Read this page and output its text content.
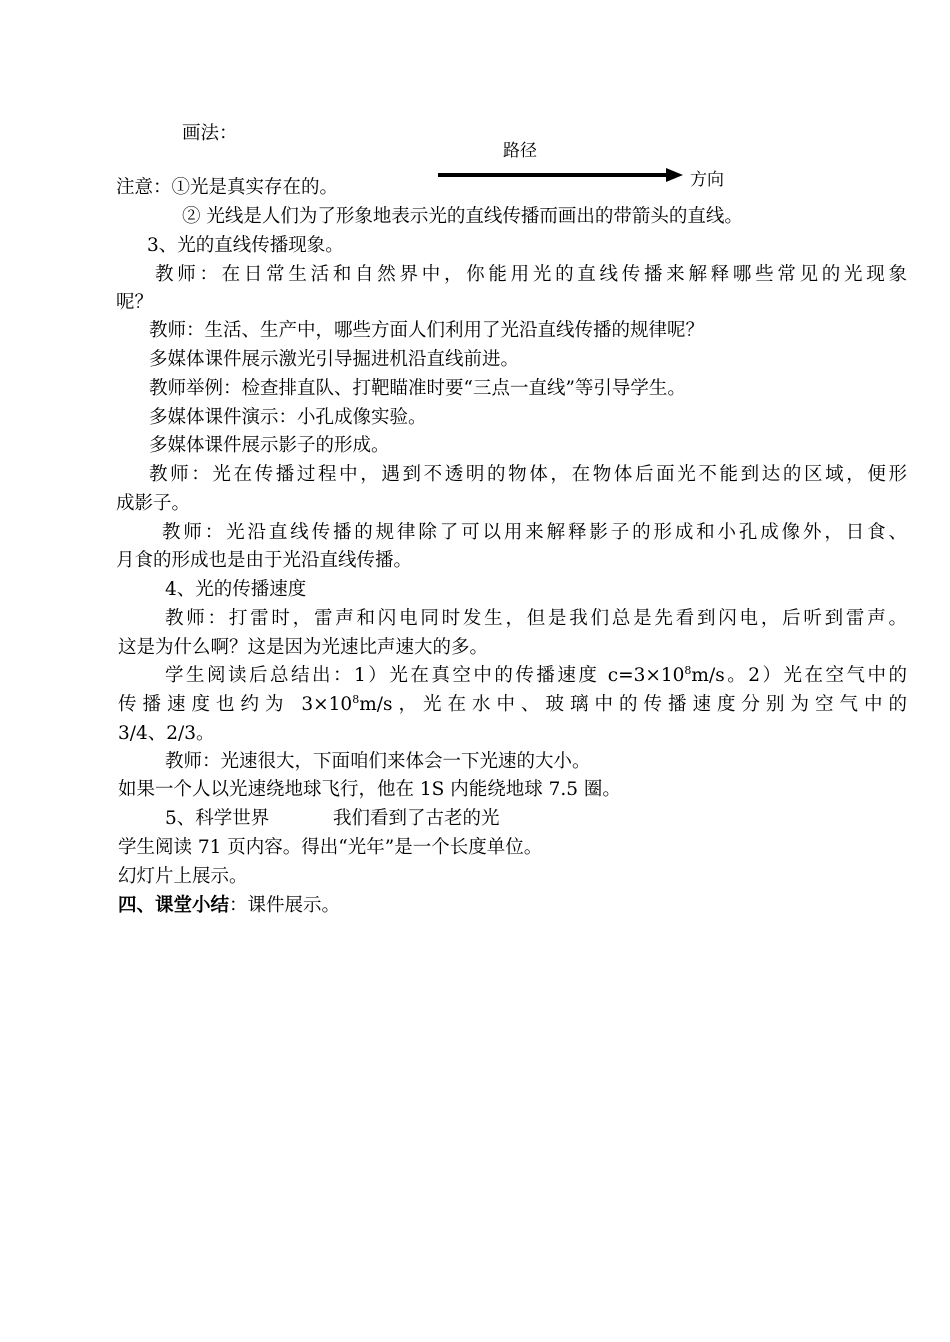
画法：
路径
方向
注意：①光是真实存在的。
② 光线是人们为了形象地表示光的直线传播而画出的带箭头的直线。
3、光的直线传播现象。
教师：在日常生活和自然界中，你能用光的直线传播来解释哪些常见的光现象
呢？
教师：生活、生产中，哪些方面人们利用了光沿直线传播的规律呢？
多媒体课件展示激光引导掘进机沿直线前进。
教师举例：检查排直队、打靶瞄准时要“三点一直线”等引导学生。
多媒体课件演示：小孔成像实验。
多媒体课件展示影子的形成。
教师：光在传播过程中，遇到不透明的物体，在物体后面光不能到达的区域，便形
成影子。
教师：光沿直线传播的规律除了可以用来解释影子的形成和小孔成像外，日食、
月食的形成也是由于光沿直线传播。
4、光的传播速度
教师：打雷时，雷声和闪电同时发生，但是我们总是先看到闪电，后听到雷声。
这是为什么啊？这是因为光速比声速大的多。
学生阅读后总结出：1）光在真空中的传播速度 $c=3\times 10^8m/s$。2）光在空气中的
传播速度也约为 $3\times 10^8m/s$，光在水中、玻璃中的传播速度分别为空气中的
3/4、2/3。
教师：光速很大，下面咱们来体会一下光速的大小。
如果一个人以光速绕地球飞行，他在 1S 内能绕地球 7.5 圈。
5、科学世界	我们看到了古老的光
学生阅读 71 页内容。得出“光年”是一个长度单位。
幻灯片上展示。
四、课堂小结：课件展示。
